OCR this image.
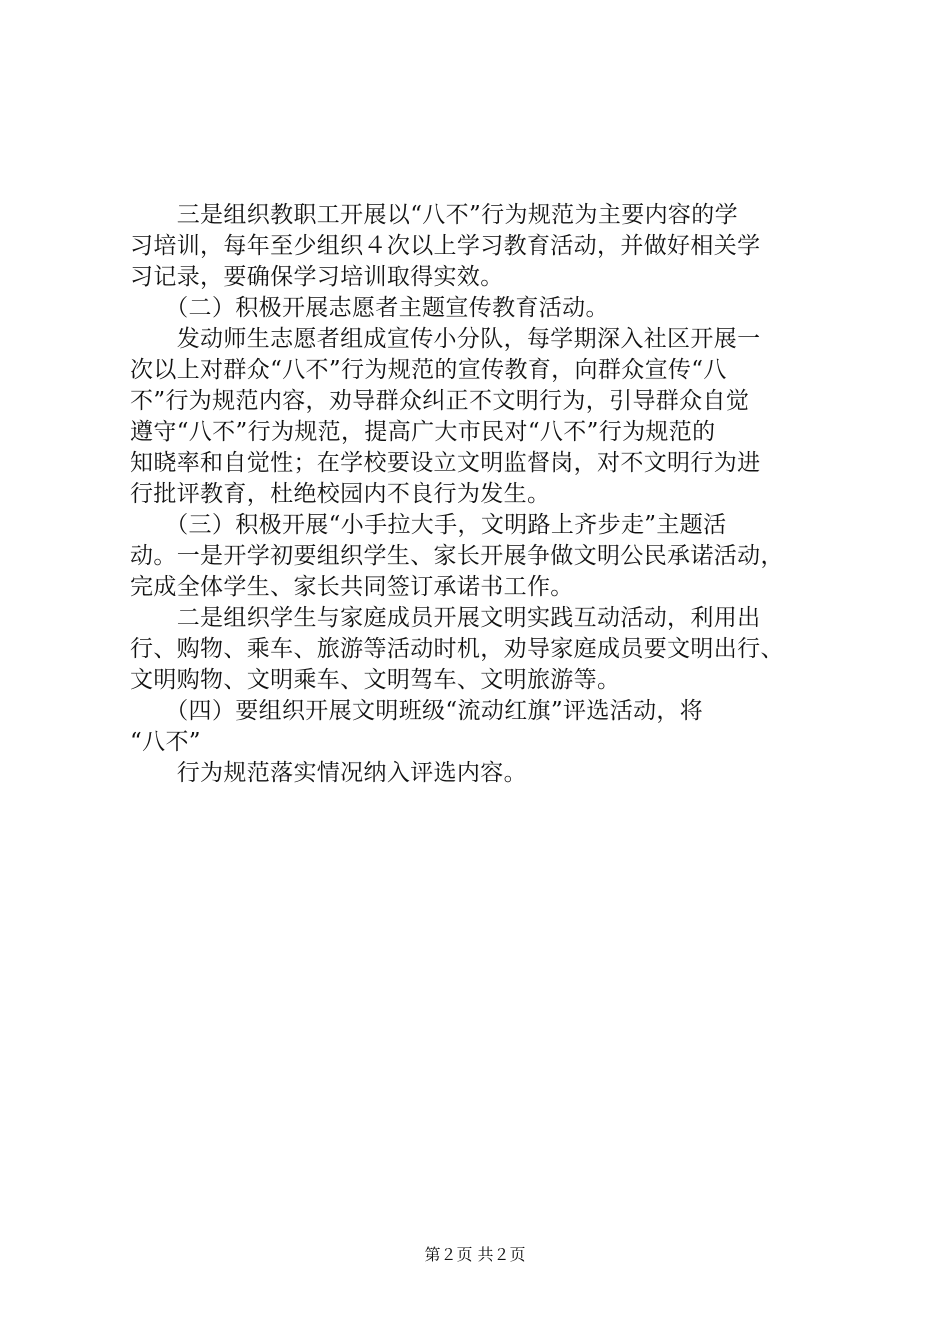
　　三是组织教职工开展以“八不”行为规范为主要内容的学
习培训，每年至少组织４次以上学习教育活动，并做好相关学
习记录，要确保学习培训取得实效。
　　（二）积极开展志愿者主题宣传教育活动。
　　发动师生志愿者组成宣传小分队，每学期深入社区开展一
次以上对群众“八不”行为规范的宣传教育，向群众宣传“八
不”行为规范内容，劝导群众纠正不文明行为，引导群众自觉
遵守“八不”行为规范，提高广大市民对“八不”行为规范的
知晓率和自觉性；在学校要设立文明监督岗，对不文明行为进
行批评教育，杜绝校园内不良行为发生。
　　（三）积极开展“小手拉大手，文明路上齐步走”主题活
动。一是开学初要组织学生、家长开展争做文明公民承诺活动，
完成全体学生、家长共同签订承诺书工作。
　　二是组织学生与家庭成员开展文明实践互动活动，利用出
行、购物、乘车、旅游等活动时机，劝导家庭成员要文明出行、
文明购物、文明乘车、文明驾车、文明旅游等。
　　（四）要组织开展文明班级“流动红旗”评选活动，将
“八不”
　　行为规范落实情况纳入评选内容。
第２页 共２页
